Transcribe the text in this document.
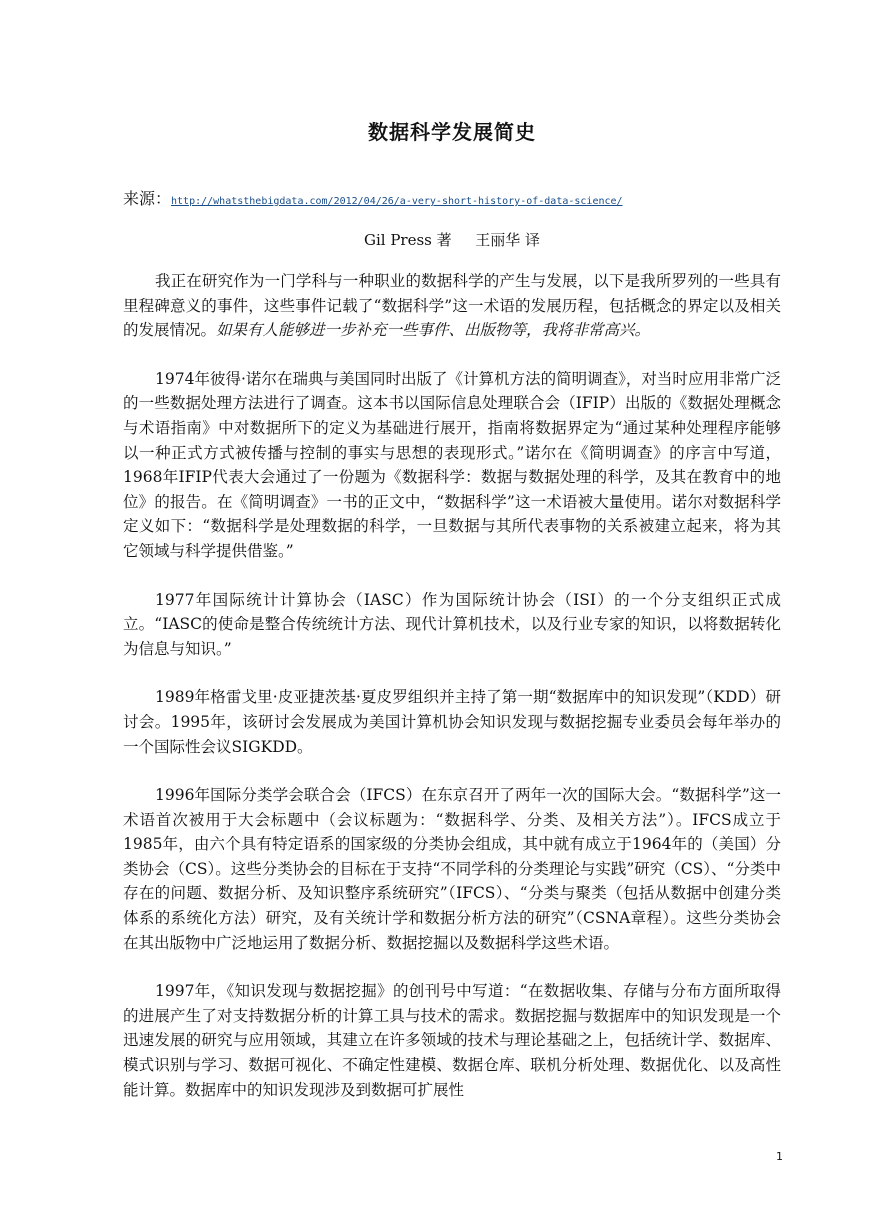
数据科学发展简史
来源：http://whatsthebigdata.com/2012/04/26/a-very-short-history-of-data-science/
Gil Press 著 王丽华 译

我正在研究作为一门学科与一种职业的数据科学的产生与发展，以下是我所罗列的一些具有里程碑意义的事件，这些事件记载了“数据科学”这一术语的发展历程，包括概念的界定以及相关的发展情况。如果有人能够进一步补充一些事件、出版物等，我将非常高兴。

1974年彼得·诺尔在瑞典与美国同时出版了《计算机方法的简明调查》，对当时应用非常广泛的一些数据处理方法进行了调查。这本书以国际信息处理联合会（IFIP）出版的《数据处理概念与术语指南》中对数据所下的定义为基础进行展开，指南将数据界定为“通过某种处理程序能够以一种正式方式被传播与控制的事实与思想的表现形式。”诺尔在《简明调查》的序言中写道，1968年IFIP代表大会通过了一份题为《数据科学：数据与数据处理的科学，及其在教育中的地位》的报告。在《简明调查》一书的正文中，“数据科学”这一术语被大量使用。诺尔对数据科学定义如下：“数据科学是处理数据的科学，一旦数据与其所代表事物的关系被建立起来，将为其它领域与科学提供借鉴。”

1977年国际统计计算协会（IASC）作为国际统计协会（ISI）的一个分支组织正式成立。“IASC的使命是整合传统统计方法、现代计算机技术，以及行业专家的知识，以将数据转化为信息与知识。”

1989年格雷戈里·皮亚捷茨基·夏皮罗组织并主持了第一期“数据库中的知识发现”（KDD）研讨会。1995年，该研讨会发展成为美国计算机协会知识发现与数据挖掘专业委员会每年举办的一个国际性会议SIGKDD。

1996年国际分类学会联合会（IFCS）在东京召开了两年一次的国际大会。“数据科学”这一术语首次被用于大会标题中（会议标题为：“数据科学、分类、及相关方法”）。IFCS成立于1985年，由六个具有特定语系的国家级的分类协会组成，其中就有成立于1964年的（美国）分类协会（CS）。这些分类协会的目标在于支持“不同学科的分类理论与实践”研究（CS）、“分类中存在的问题、数据分析、及知识整序系统研究”（IFCS）、“分类与聚类（包括从数据中创建分类体系的系统化方法）研究，及有关统计学和数据分析方法的研究”（CSNA章程）。这些分类协会在其出版物中广泛地运用了数据分析、数据挖掘以及数据科学这些术语。

1997年，《知识发现与数据挖掘》的创刊号中写道：“在数据收集、存储与分布方面所取得的进展产生了对支持数据分析的计算工具与技术的需求。数据挖掘与数据库中的知识发现是一个迅速发展的研究与应用领域，其建立在许多领域的技术与理论基础之上，包括统计学、数据库、模式识别与学习、数据可视化、不确定性建模、数据仓库、联机分析处理、数据优化、以及高性能计算。数据库中的知识发现涉及到数据可扩展性

1
